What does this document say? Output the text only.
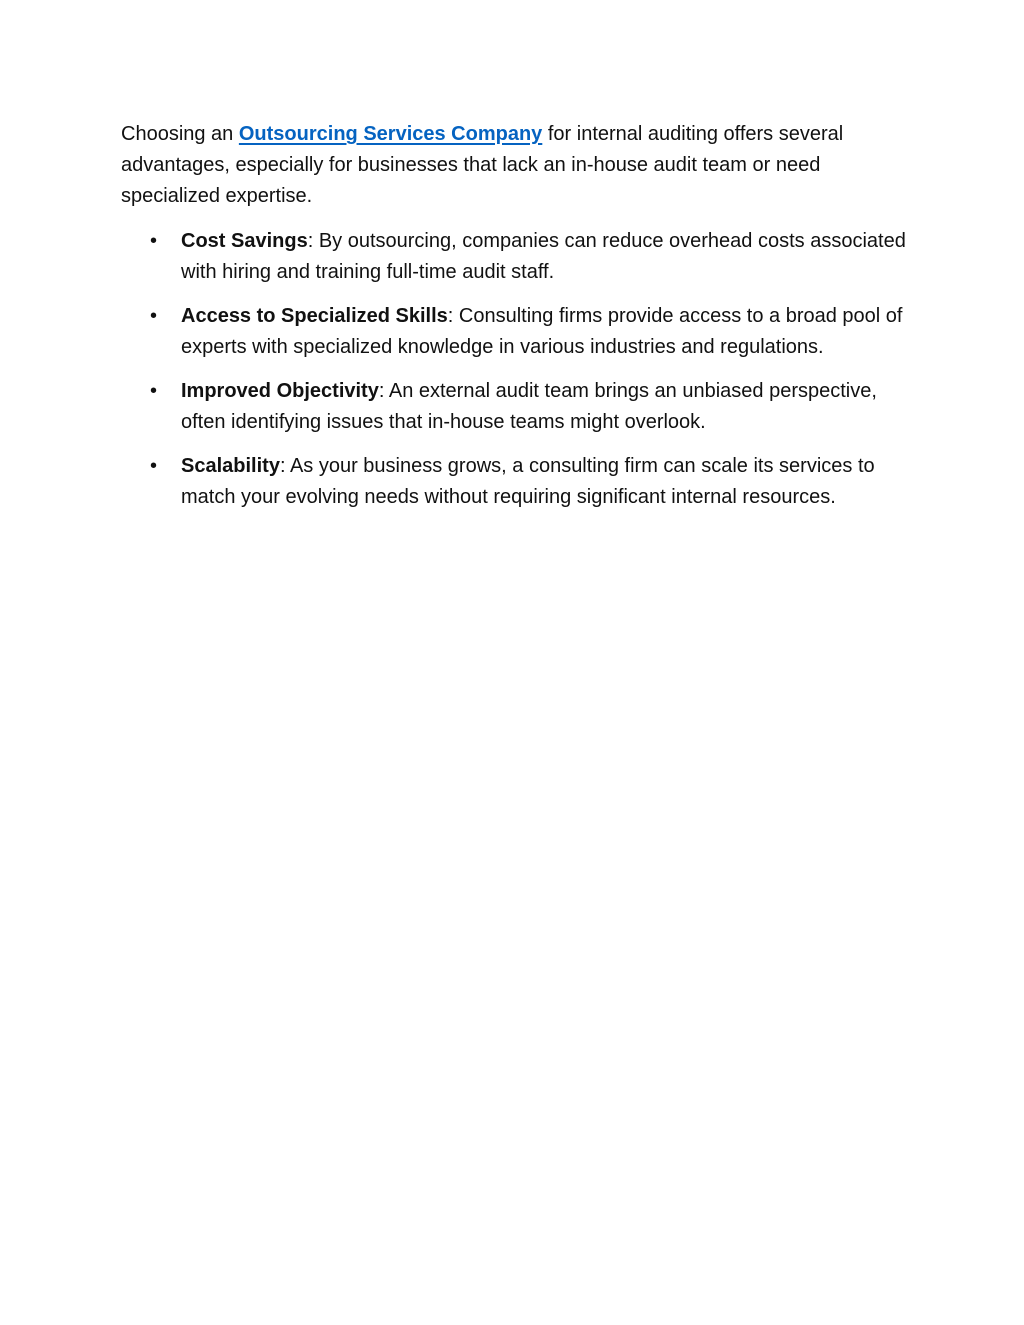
Choosing an Outsourcing Services Company for internal auditing offers several advantages, especially for businesses that lack an in-house audit team or need specialized expertise.

• Cost Savings: By outsourcing, companies can reduce overhead costs associated with hiring and training full-time audit staff.
• Access to Specialized Skills: Consulting firms provide access to a broad pool of experts with specialized knowledge in various industries and regulations.
• Improved Objectivity: An external audit team brings an unbiased perspective, often identifying issues that in-house teams might overlook.
• Scalability: As your business grows, a consulting firm can scale its services to match your evolving needs without requiring significant internal resources.
